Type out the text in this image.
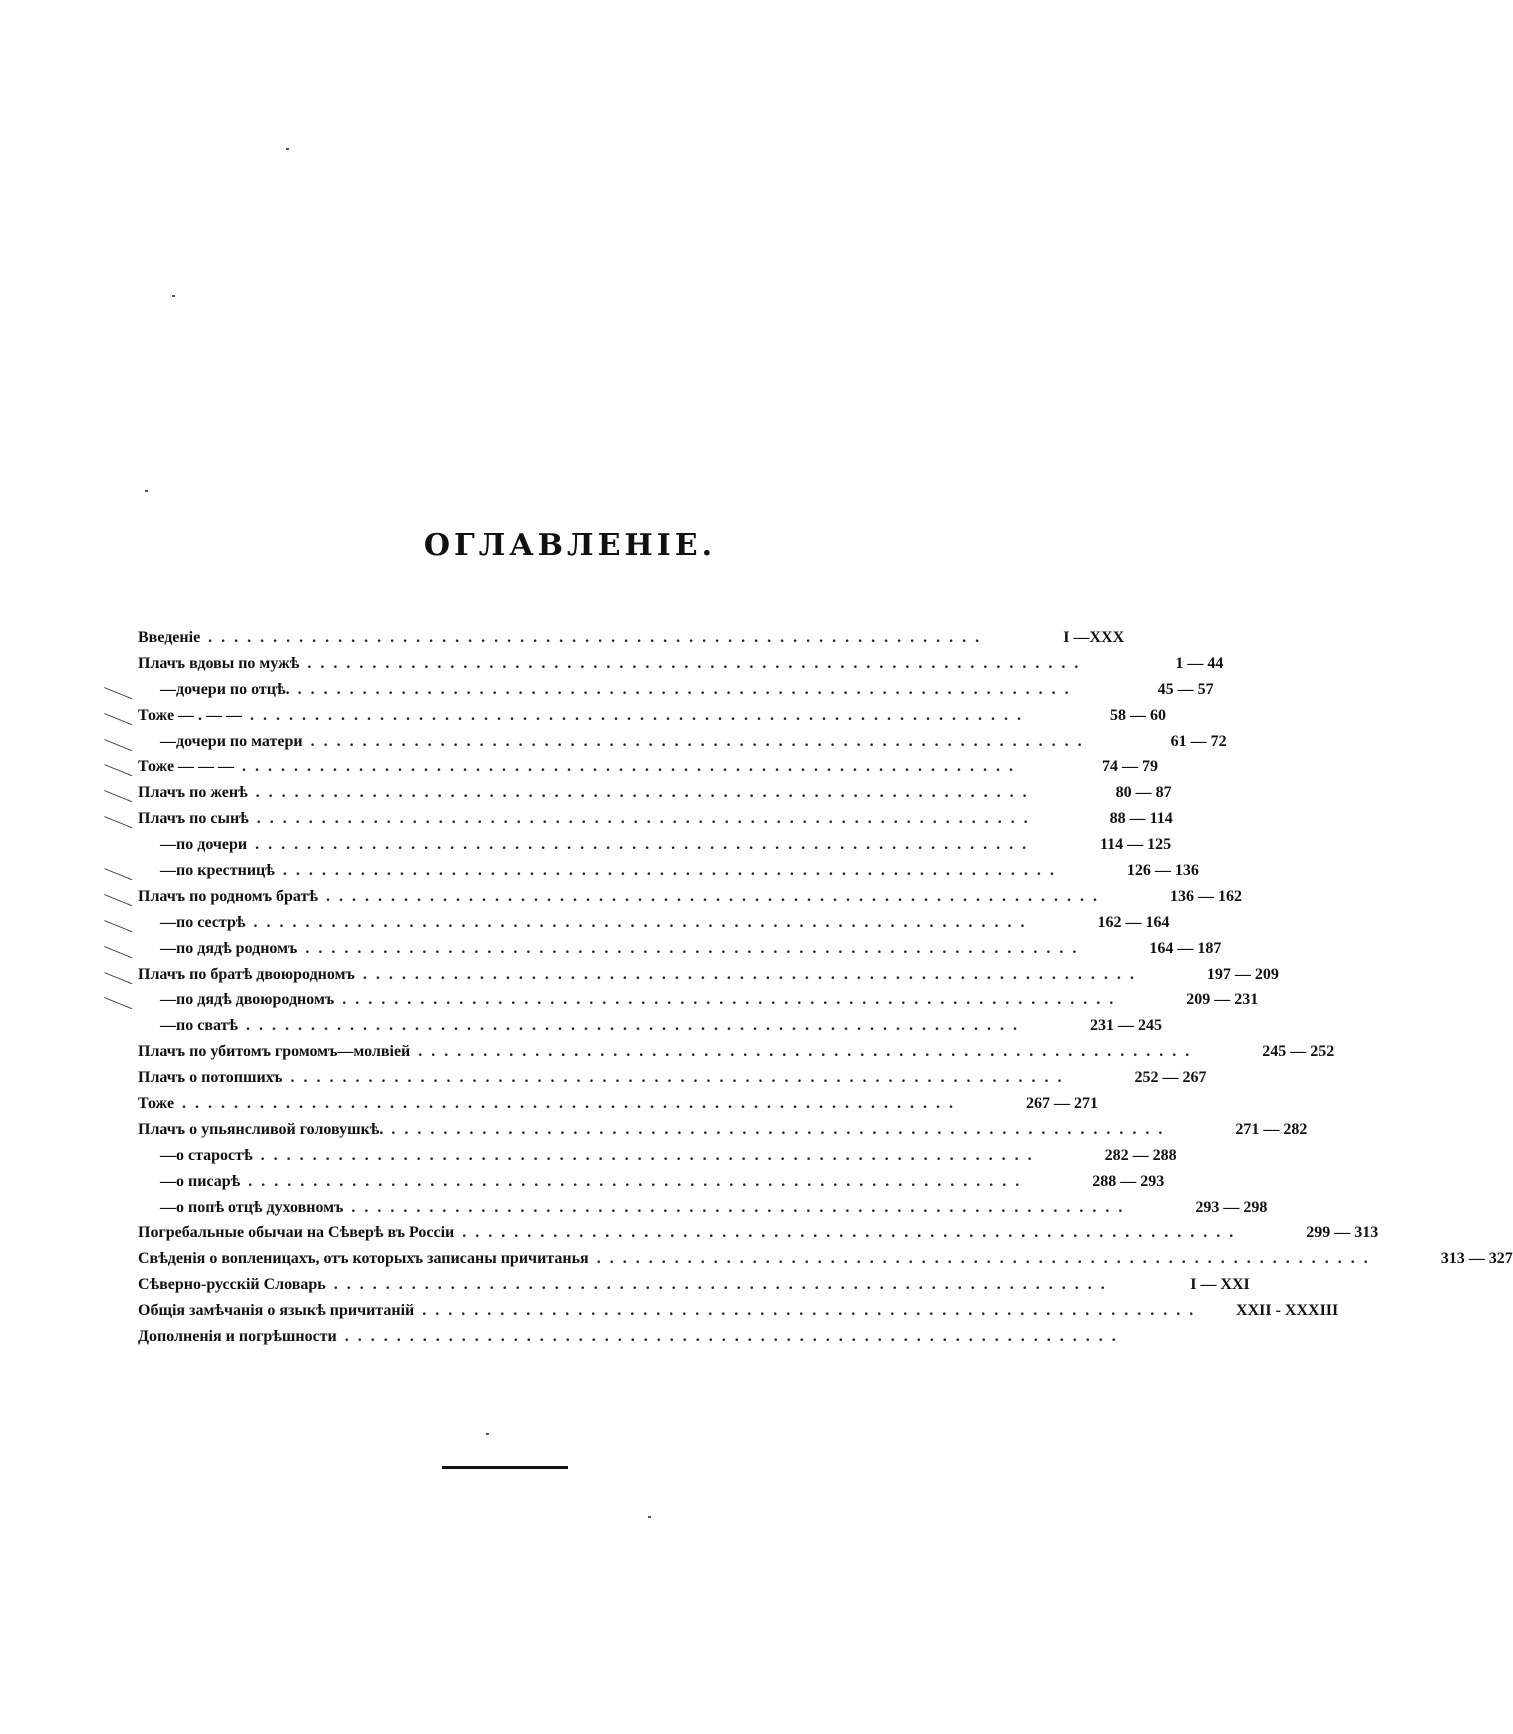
ОГЛАВЛЕНІЕ.
Введеніе ............................................................	I —XXX
Плачъ вдовы по мужѣ ............................................................	1 — 44
— дочери по отцѣ. ............................................................	45 — 57
Тоже — . — — ............................................................	58 — 60
— дочери по матери ............................................................	61 — 72
Тоже — — — ............................................................	74 — 79
Плачъ по женѣ ............................................................	80 — 87
Плачъ по сынѣ ............................................................	88 — 114
— по дочери ............................................................	114 — 125
— по крестницѣ ............................................................	126 — 136
Плачъ по родномъ братѣ ............................................................	136 — 162
— по сестрѣ ............................................................	162 — 164
— по дядѣ родномъ ............................................................	164 — 187
Плачъ по братѣ двоюродномъ ............................................................	197 — 209
— по дядѣ двоюродномъ ............................................................	209 — 231
— по сватѣ ............................................................	231 — 245
Плачъ по убитомъ громомъ—молвіей ............................................................	245 — 252
Плачъ о потопшихъ ............................................................	252 — 267
Тоже ............................................................	267 — 271
Плачъ о упьянсливой головушкѣ. ............................................................	271 — 282
— о старостѣ ............................................................	282 — 288
— о писарѣ ............................................................	288 — 293
— о попѣ отцѣ духовномъ ............................................................	293 — 298
Погребальные обычаи на Сѣверѣ въ Россіи ............................................................	299 — 313
Свѣденія о вопленицахъ, отъ которыхъ записаны причитанья ............................................................	313 — 327
Сѣверно-русскій Словарь ............................................................	I — XXI
Общія замѣчанія о языкѣ причитаній ............................................................	XXII - XXXIII
Дополненія и погрѣшности ............................................................
